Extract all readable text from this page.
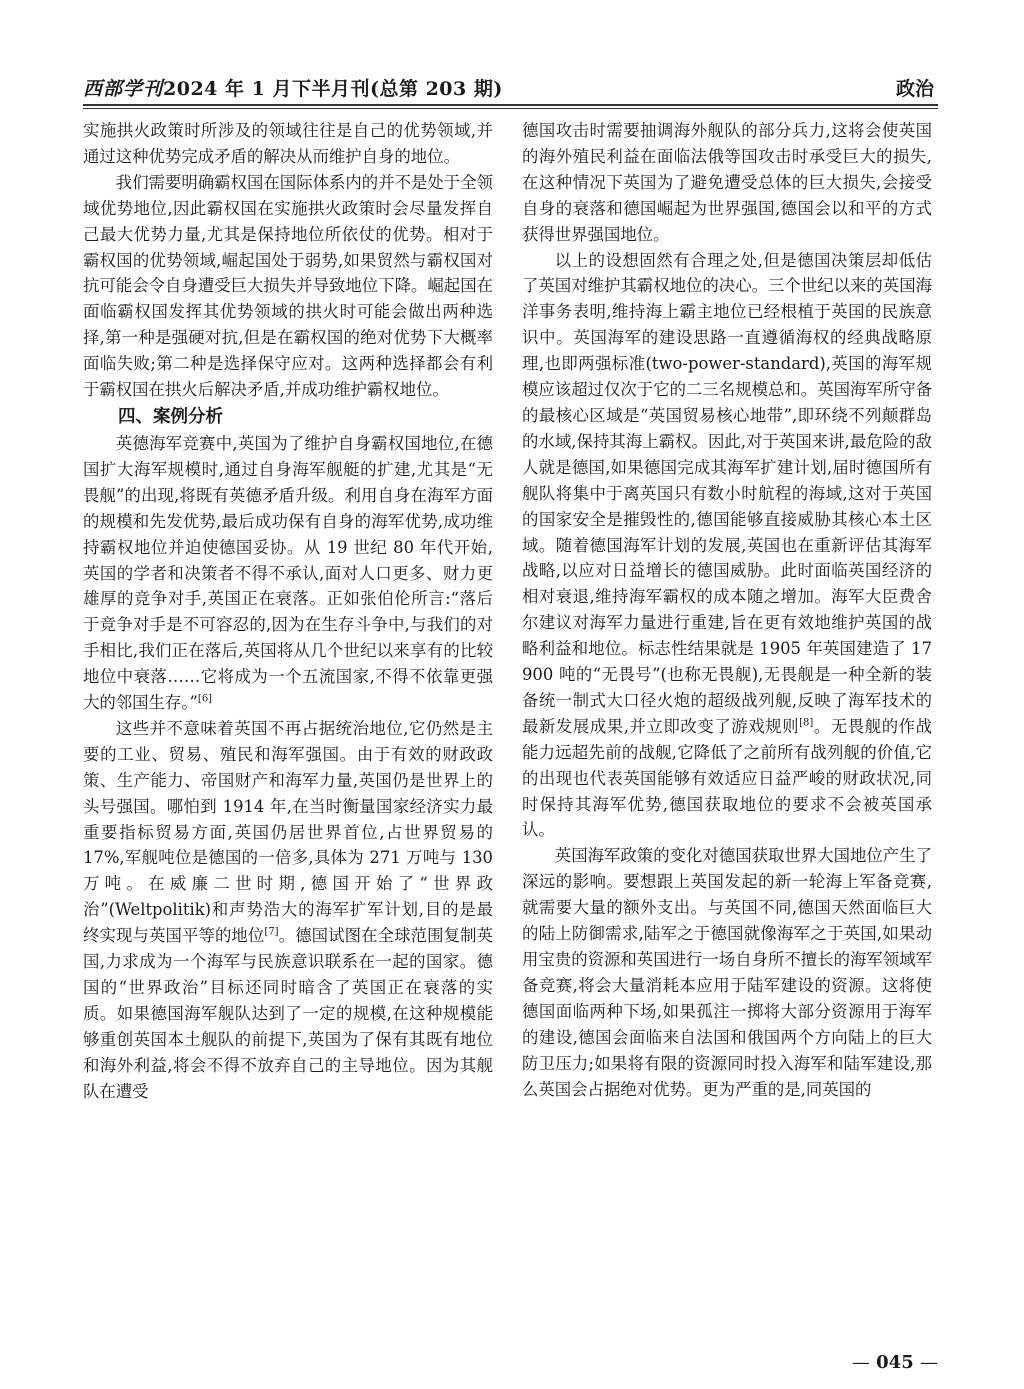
西部学刊2024 年 1 月下半月刊(总第 203 期)	政治

实施拱火政策时所涉及的领域往往是自己的优势领域,并通过这种优势完成矛盾的解决从而维护自身的地位。

我们需要明确霸权国在国际体系内的并不是处于全领域优势地位,因此霸权国在实施拱火政策时会尽量发挥自己最大优势力量,尤其是保持地位所依仗的优势。相对于霸权国的优势领域,崛起国处于弱势,如果贸然与霸权国对抗可能会令自身遭受巨大损失并导致地位下降。崛起国在面临霸权国发挥其优势领域的拱火时可能会做出两种选择,第一种是强硬对抗,但是在霸权国的绝对优势下大概率面临失败;第二种是选择保守应对。这两种选择都会有利于霸权国在拱火后解决矛盾,并成功维护霸权地位。

四、案例分析

英德海军竞赛中,英国为了维护自身霸权国地位,在德国扩大海军规模时,通过自身海军舰艇的扩建,尤其是“无畏舰”的出现,将既有英德矛盾升级。利用自身在海军方面的规模和先发优势,最后成功保有自身的海军优势,成功维持霸权地位并迫使德国妥协。从 19 世纪 80 年代开始,英国的学者和决策者不得不承认,面对人口更多、财力更雄厚的竞争对手,英国正在衰落。正如张伯伦所言:“落后于竞争对手是不可容忍的,因为在生存斗争中,与我们的对手相比,我们正在落后,英国将从几个世纪以来享有的比较地位中衰落……它将成为一个五流国家,不得不依靠更强大的邻国生存。”[6]

这些并不意味着英国不再占据统治地位,它仍然是主要的工业、贸易、殖民和海军强国。由于有效的财政政策、生产能力、帝国财产和海军力量,英国仍是世界上的头号强国。哪怕到 1914 年,在当时衡量国家经济实力最重要指标贸易方面,英国仍居世界首位,占世界贸易的 17%,军舰吨位是德国的一倍多,具体为 271 万吨与 130 万吨。在威廉二世时期,德国开始了“世界政治”(Weltpolitik)和声势浩大的海军扩军计划,目的是最终实现与英国平等的地位[7]。德国试图在全球范围复制英国,力求成为一个海军与民族意识联系在一起的国家。德国的“世界政治”目标还同时暗含了英国正在衰落的实质。如果德国海军舰队达到了一定的规模,在这种规模能够重创英国本土舰队的前提下,英国为了保有其既有地位和海外利益,将会不得不放弃自己的主导地位。因为其舰队在遭受

德国攻击时需要抽调海外舰队的部分兵力,这将会使英国的海外殖民利益在面临法俄等国攻击时承受巨大的损失,在这种情况下英国为了避免遭受总体的巨大损失,会接受自身的衰落和德国崛起为世界强国,德国会以和平的方式获得世界强国地位。

以上的设想固然有合理之处,但是德国决策层却低估了英国对维护其霸权地位的决心。三个世纪以来的英国海洋事务表明,维持海上霸主地位已经根植于英国的民族意识中。英国海军的建设思路一直遵循海权的经典战略原理,也即两强标准(two-power-standard),英国的海军规模应该超过仅次于它的二三名规模总和。英国海军所守备的最核心区域是“英国贸易核心地带”,即环绕不列颠群岛的水域,保持其海上霸权。因此,对于英国来讲,最危险的敌人就是德国,如果德国完成其海军扩建计划,届时德国所有舰队将集中于离英国只有数小时航程的海域,这对于英国的国家安全是摧毁性的,德国能够直接威胁其核心本土区域。随着德国海军计划的发展,英国也在重新评估其海军战略,以应对日益增长的德国威胁。此时面临英国经济的相对衰退,维持海军霸权的成本随之增加。海军大臣费舍尔建议对海军力量进行重建,旨在更有效地维护英国的战略利益和地位。标志性结果就是 1905 年英国建造了 17 900 吨的“无畏号”(也称无畏舰),无畏舰是一种全新的装备统一制式大口径火炮的超级战列舰,反映了海军技术的最新发展成果,并立即改变了游戏规则[8]。无畏舰的作战能力远超先前的战舰,它降低了之前所有战列舰的价值,它的出现也代表英国能够有效适应日益严峻的财政状况,同时保持其海军优势,德国获取地位的要求不会被英国承认。

英国海军政策的变化对德国获取世界大国地位产生了深远的影响。要想跟上英国发起的新一轮海上军备竞赛,就需要大量的额外支出。与英国不同,德国天然面临巨大的陆上防御需求,陆军之于德国就像海军之于英国,如果动用宝贵的资源和英国进行一场自身所不擅长的海军领域军备竞赛,将会大量消耗本应用于陆军建设的资源。这将使德国面临两种下场,如果孤注一掷将大部分资源用于海军的建设,德国会面临来自法国和俄国两个方向陆上的巨大防卫压力;如果将有限的资源同时投入海军和陆军建设,那么英国会占据绝对优势。更为严重的是,同英国的

— 045 —
